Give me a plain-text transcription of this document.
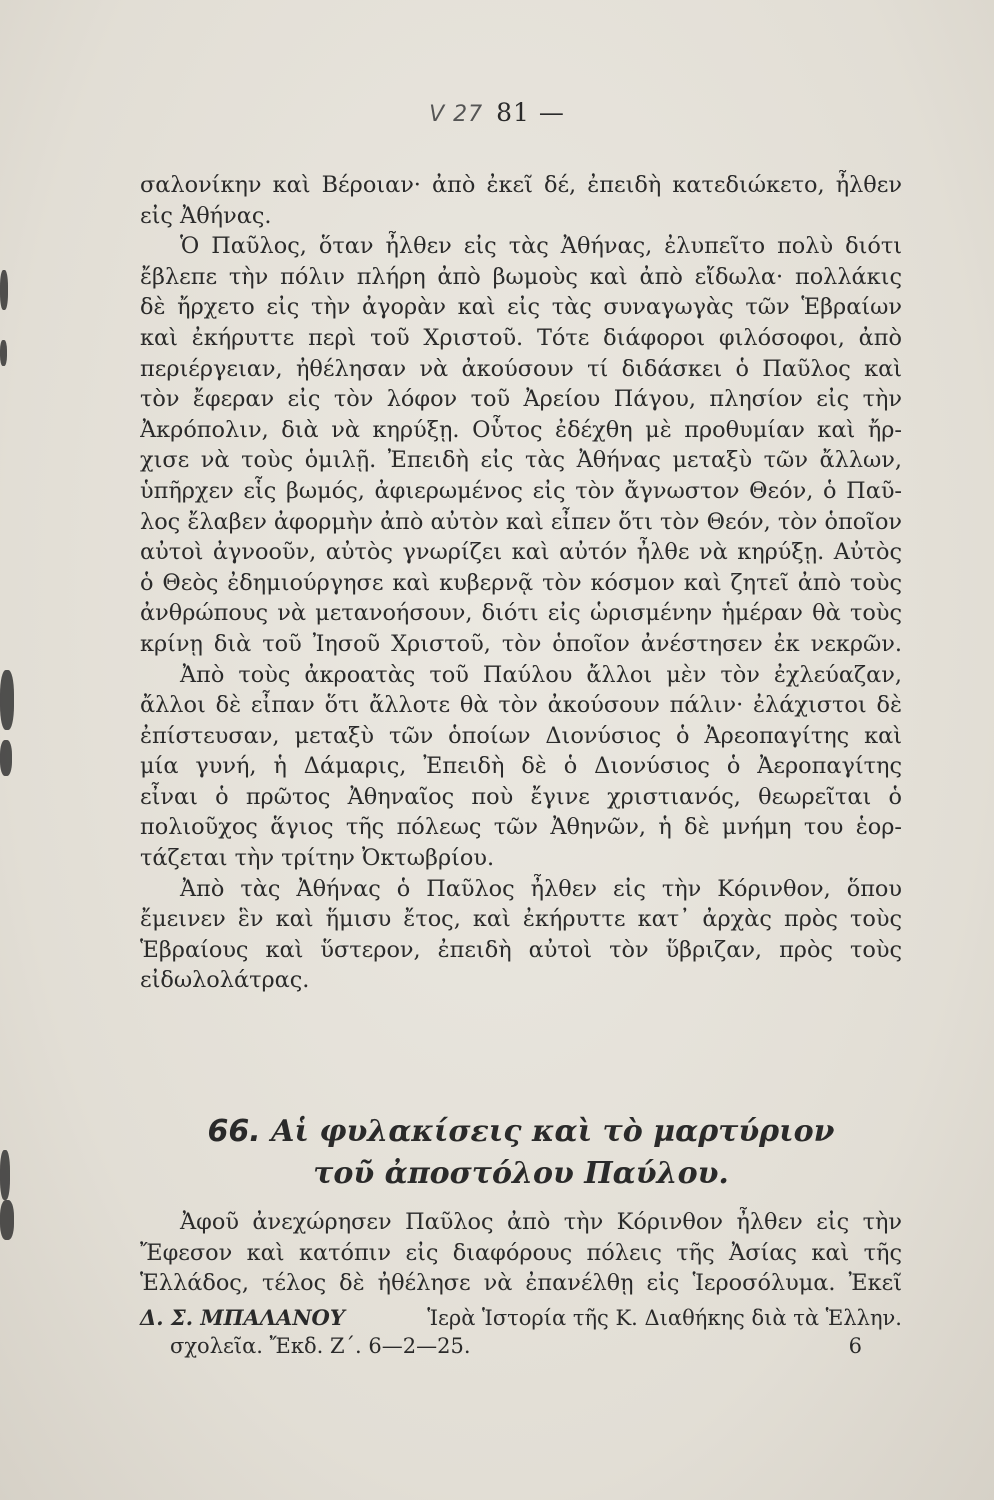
V 27 81 —
σαλονίκην καὶ Βέροιαν· ἀπὸ ἐκεῖ δέ, ἐπειδὴ κατεδιώκετο, ἦλθεν
εἰς Ἀθήνας.
Ὁ Παῦλος, ὅταν ἦλθεν εἰς τὰς Ἀθήνας, ἐλυπεῖτο πολὺ διότι
ἔβλεπε τὴν πόλιν πλήρη ἀπὸ βωμοὺς καὶ ἀπὸ εἴδωλα· πολλάκις
δὲ ἤρχετο εἰς τὴν ἀγορὰν καὶ εἰς τὰς συναγωγὰς τῶν Ἑβραίων
καὶ ἐκήρυττε περὶ τοῦ Χριστοῦ. Τότε διάφοροι φιλόσοφοι, ἀπὸ
περιέργειαν, ἠθέλησαν νὰ ἀκούσουν τί διδάσκει ὁ Παῦλος καὶ
τὸν ἔφεραν εἰς τὸν λόφον τοῦ Ἀρείου Πάγου, πλησίον εἰς τὴν
Ἀκρόπολιν, διὰ νὰ κηρύξῃ. Οὗτος ἐδέχθη μὲ προθυμίαν καὶ ἤρ-
χισε νὰ τοὺς ὁμιλῇ. Ἐπειδὴ εἰς τὰς Ἀθήνας μεταξὺ τῶν ἄλλων,
ὑπῆρχεν εἷς βωμός, ἀφιερωμένος εἰς τὸν ἄγνωστον Θεόν, ὁ Παῦ-
λος ἔλαβεν ἀφορμὴν ἀπὸ αὐτὸν καὶ εἶπεν ὅτι τὸν Θεόν, τὸν ὁποῖον
αὐτοὶ ἀγνοοῦν, αὐτὸς γνωρίζει καὶ αὐτόν ἦλθε νὰ κηρύξῃ. Αὐτὸς
ὁ Θεὸς ἐδημιούργησε καὶ κυβερνᾷ τὸν κόσμον καὶ ζητεῖ ἀπὸ τοὺς
ἀνθρώπους νὰ μετανοήσουν, διότι εἰς ὡρισμένην ἡμέραν θὰ τοὺς
κρίνῃ διὰ τοῦ Ἰησοῦ Χριστοῦ, τὸν ὁποῖον ἀνέστησεν ἐκ νεκρῶν.
Ἀπὸ τοὺς ἀκροατὰς τοῦ Παύλου ἄλλοι μὲν τὸν ἐχλεύαζαν,
ἄλλοι δὲ εἶπαν ὅτι ἄλλοτε θὰ τὸν ἀκούσουν πάλιν· ἐλάχιστοι δὲ
ἐπίστευσαν, μεταξὺ τῶν ὁποίων Διονύσιος ὁ Ἀρεοπαγίτης καὶ
μία γυνή, ἡ Δάμαρις, Ἐπειδὴ δὲ ὁ Διονύσιος ὁ Ἀεροπαγίτης
εἶναι ὁ πρῶτος Ἀθηναῖος ποὺ ἔγινε χριστιανός, θεωρεῖται ὁ
πολιοῦχος ἅγιος τῆς πόλεως τῶν Ἀθηνῶν, ἡ δὲ μνήμη του ἑορ-
τάζεται τὴν τρίτην Ὀκτωβρίου.
Ἀπὸ τὰς Ἀθήνας ὁ Παῦλος ἦλθεν εἰς τὴν Κόρινθον, ὅπου
ἔμεινεν ἓν καὶ ἥμισυ ἔτος, καὶ ἐκήρυττε κατ᾿ ἀρχὰς πρὸς τοὺς
Ἑβραίους καὶ ὕστερον, ἐπειδὴ αὐτοὶ τὸν ὕβριζαν, πρὸς τοὺς
εἰδωλολάτρας.
66. Αἱ φυλακίσεις καὶ τὸ μαρτύριον
τοῦ ἀποστόλου Παύλου.
Ἀφοῦ ἀνεχώρησεν Παῦλος ἀπὸ τὴν Κόρινθον ἦλθεν εἰς τὴν
Ἔφεσον καὶ κατόπιν εἰς διαφόρους πόλεις τῆς Ἀσίας καὶ τῆς
Ἑλλάδος, τέλος δὲ ἠθέλησε νὰ ἐπανέλθῃ εἰς Ἱεροσόλυμα. Ἐκεῖ
Δ. Σ. ΜΠΑΛΑΝΟΥ	Ἱερὰ Ἱστορία τῆς Κ. Διαθήκης διὰ τὰ Ἑλλην.
σχολεῖα. Ἔκδ. Ζ΄. 6—2—25.	6
